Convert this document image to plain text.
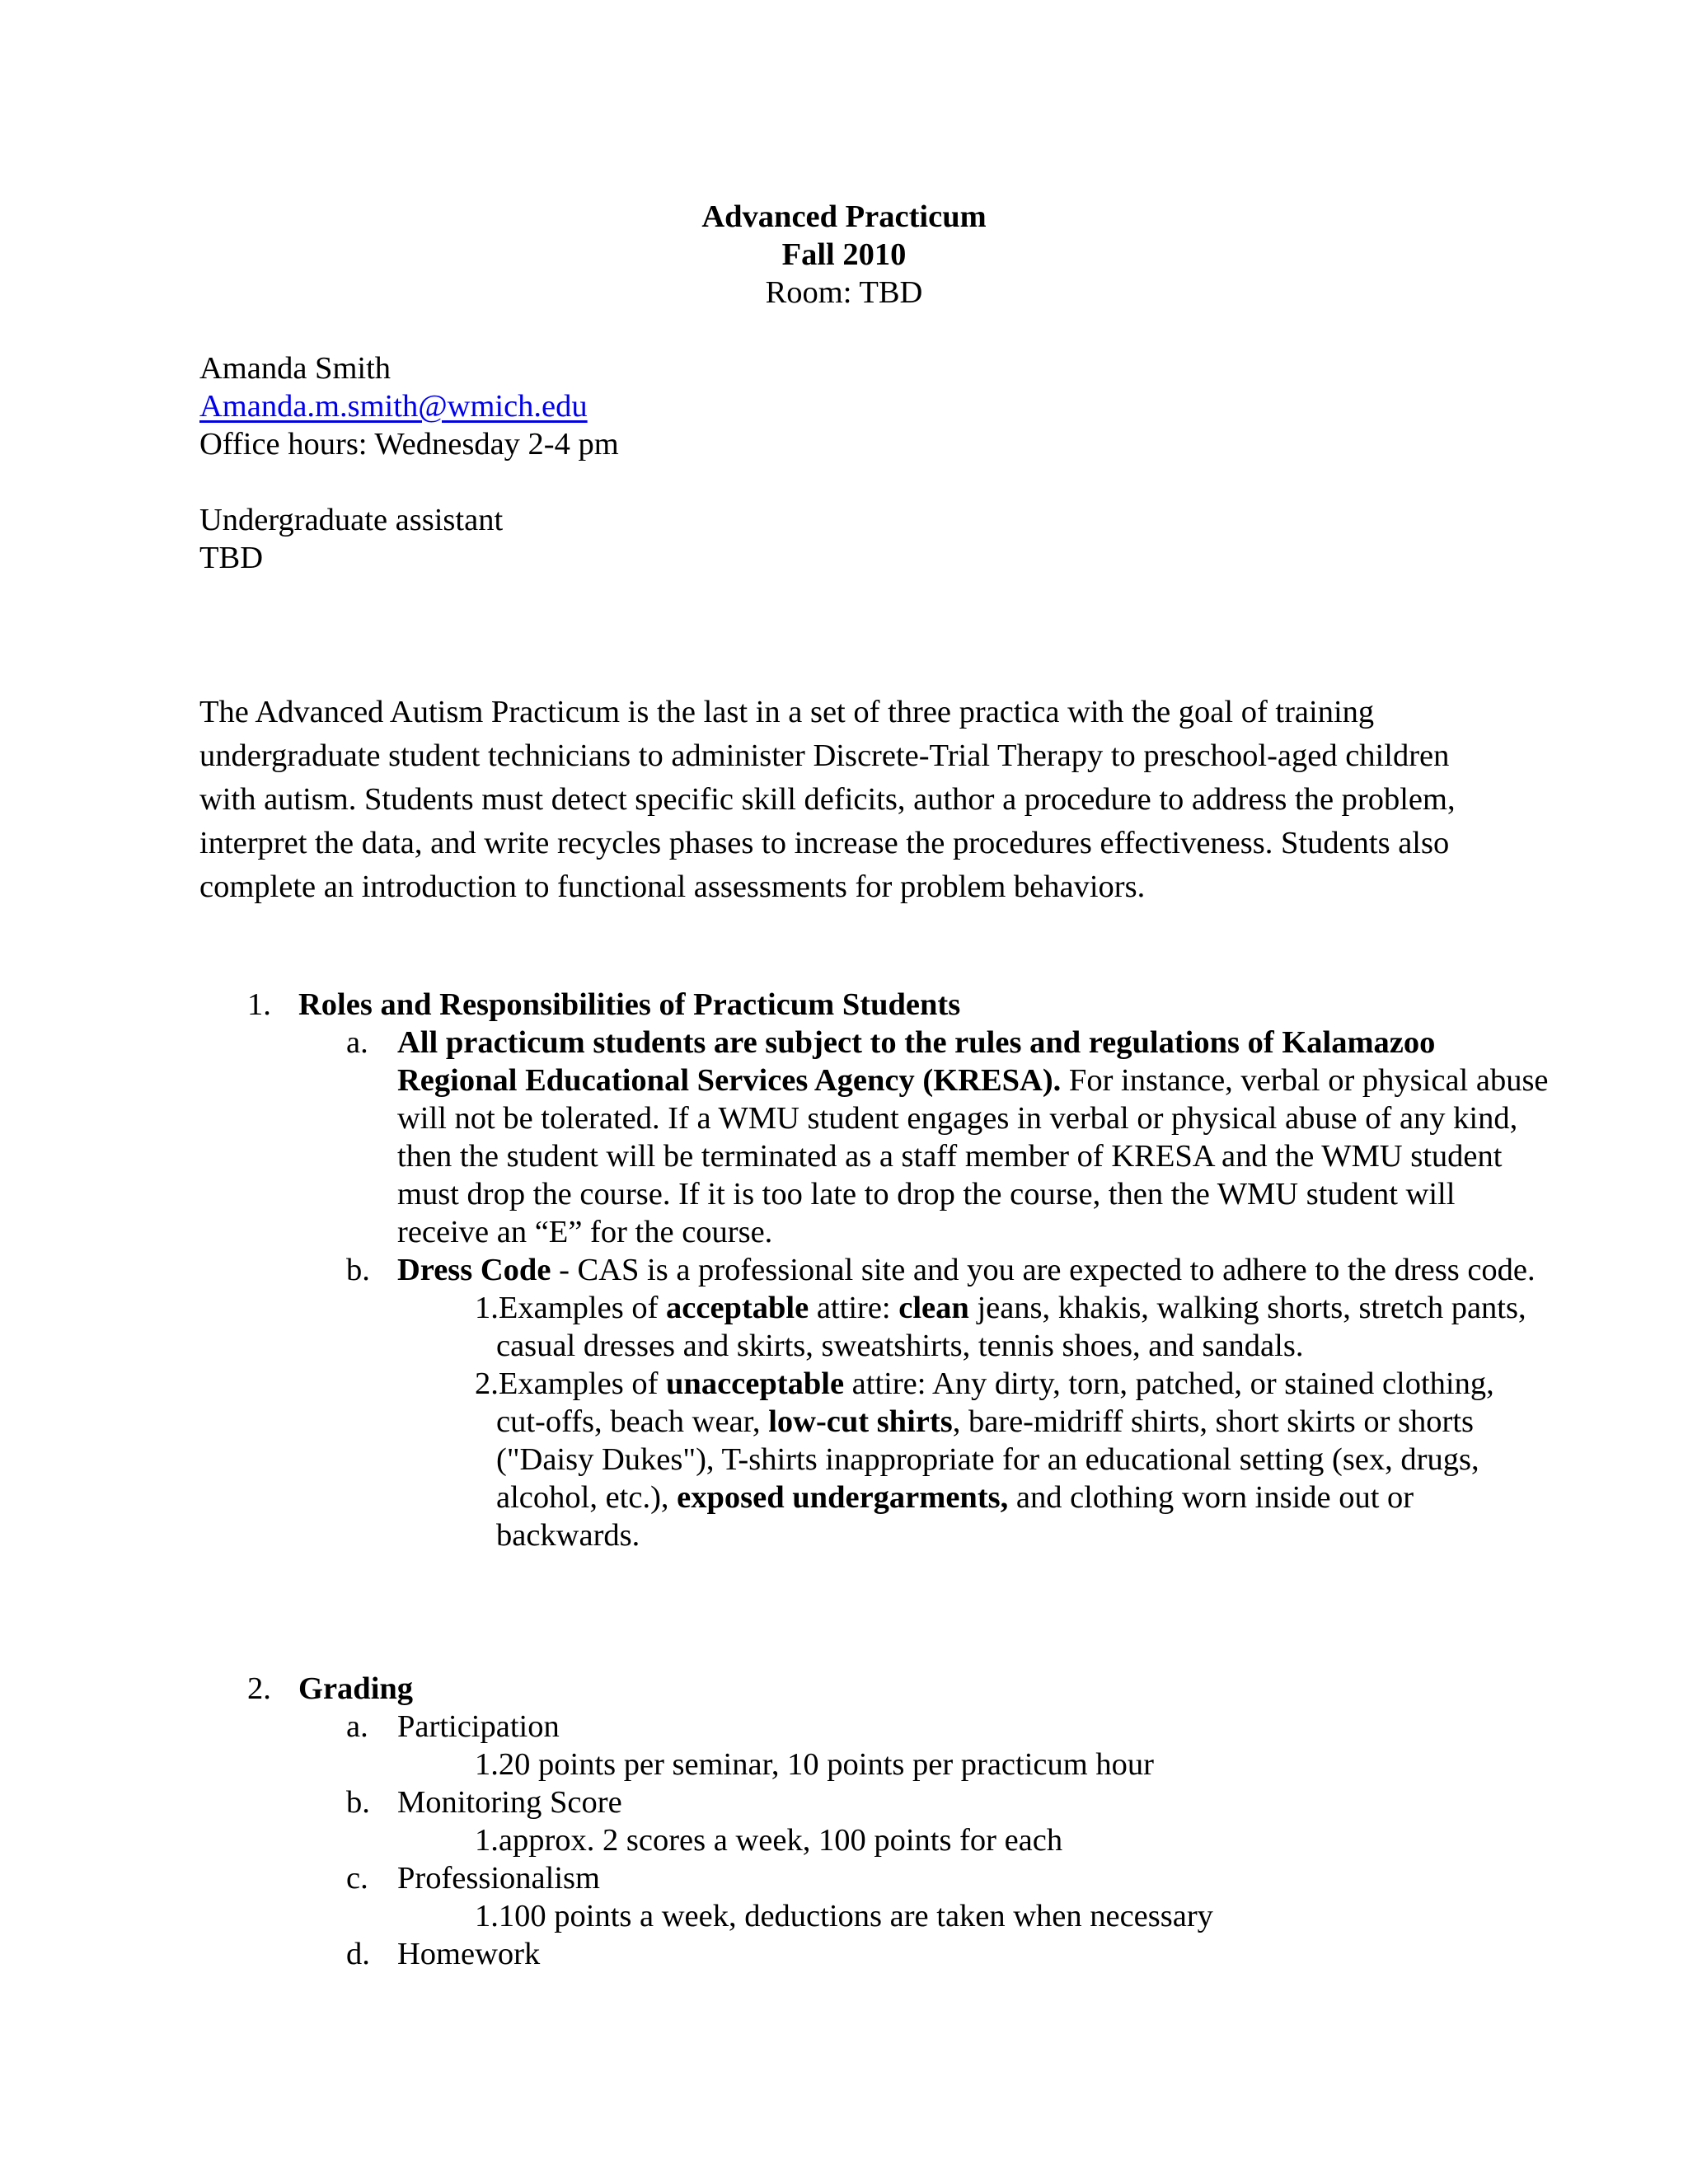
Advanced Practicum
Fall 2010
Room: TBD
Amanda Smith
Amanda.m.smith@wmich.edu
Office hours: Wednesday 2-4 pm
Undergraduate assistant
TBD
The Advanced Autism Practicum is the last in a set of three practica with the goal of training undergraduate student technicians to administer Discrete-Trial Therapy to preschool-aged children with autism. Students must detect specific skill deficits, author a procedure to address the problem, interpret the data, and write recycles phases to increase the procedures effectiveness. Students also complete an introduction to functional assessments for problem behaviors.
1. Roles and Responsibilities of Practicum Students
a. All practicum students are subject to the rules and regulations of Kalamazoo Regional Educational Services Agency (KRESA). For instance, verbal or physical abuse will not be tolerated. If a WMU student engages in verbal or physical abuse of any kind, then the student will be terminated as a staff member of KRESA and the WMU student must drop the course. If it is too late to drop the course, then the WMU student will receive an “E” for the course.
b. Dress Code - CAS is a professional site and you are expected to adhere to the dress code.
1.Examples of acceptable attire: clean jeans, khakis, walking shorts, stretch pants, casual dresses and skirts, sweatshirts, tennis shoes, and sandals.
2.Examples of unacceptable attire: Any dirty, torn, patched, or stained clothing, cut-offs, beach wear, low-cut shirts, bare-midriff shirts, short skirts or shorts ("Daisy Dukes"), T-shirts inappropriate for an educational setting (sex, drugs, alcohol, etc.), exposed undergarments, and clothing worn inside out or backwards.
2. Grading
a. Participation
1.20 points per seminar, 10 points per practicum hour
b. Monitoring Score
1.approx. 2 scores a week, 100 points for each
c. Professionalism
1.100 points a week, deductions are taken when necessary
d. Homework
